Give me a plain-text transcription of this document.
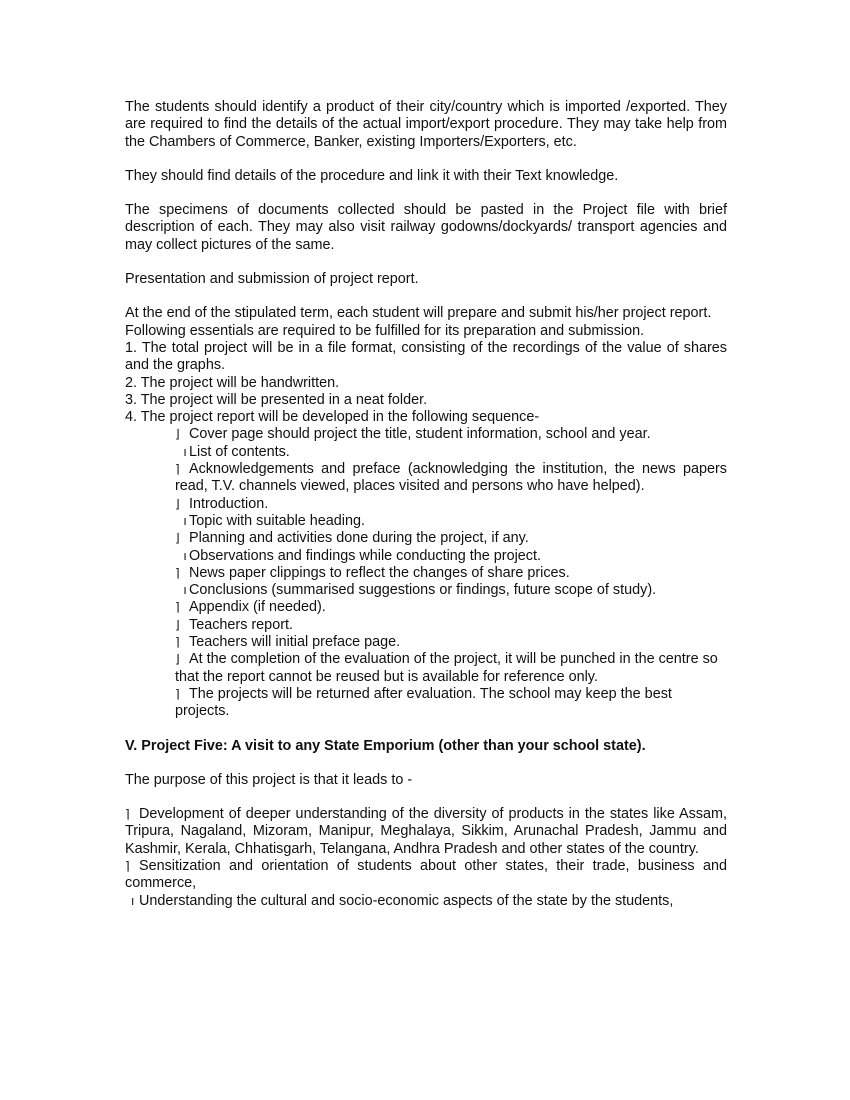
The students should identify a product of their city/country which is imported /exported. They are required to find the details of the actual import/export procedure. They may take help from the Chambers of Commerce, Banker, existing Importers/Exporters, etc.

They should find details of the procedure and link it with their Text knowledge.

The specimens of documents collected should be pasted in the Project file with brief description of each. They may also visit railway godowns/dockyards/ transport agencies and may collect pictures of the same.

Presentation and submission of project report.

At the end of the stipulated term, each student will prepare and submit his/her project report.

Following essentials are required to be fulfilled for its preparation and submission.

1. The total project will be in a file format, consisting of the recordings of the value of shares and the graphs.

2. The project will be handwritten.

3. The project will be presented in a neat folder.

4. The project report will be developed in the following sequence-

⌋ Cover page should project the title, student information, school and year.

ı List of contents.

⌉ Acknowledgements and preface (acknowledging the institution, the news papers read, T.V. channels viewed, places visited and persons who have helped).

⌋ Introduction.

ı Topic with suitable heading.

⌋ Planning and activities done during the project, if any.

ı Observations and findings while conducting the project.

⌉ News paper clippings to reflect the changes of share prices.

ı Conclusions (summarised suggestions or findings, future scope of study).

⌉ Appendix (if needed).

⌋ Teachers report.

⌉ Teachers will initial preface page.

⌋ At the completion of the evaluation of the project, it will be punched in the centre so that the report cannot be reused but is available for reference only.

⌉ The projects will be returned after evaluation. The school may keep the best projects.

V. Project Five: A visit to any State Emporium (other than your school state).

The purpose of this project is that it leads to -

⌉ Development of deeper understanding of the diversity of products in the states like Assam, Tripura, Nagaland, Mizoram, Manipur, Meghalaya, Sikkim, Arunachal Pradesh, Jammu and Kashmir, Kerala, Chhatisgarh, Telangana, Andhra Pradesh and other states of the country.

⌉ Sensitization and orientation of students about other states, their trade, business and commerce,

ı Understanding the cultural and socio-economic aspects of the state by the students,
